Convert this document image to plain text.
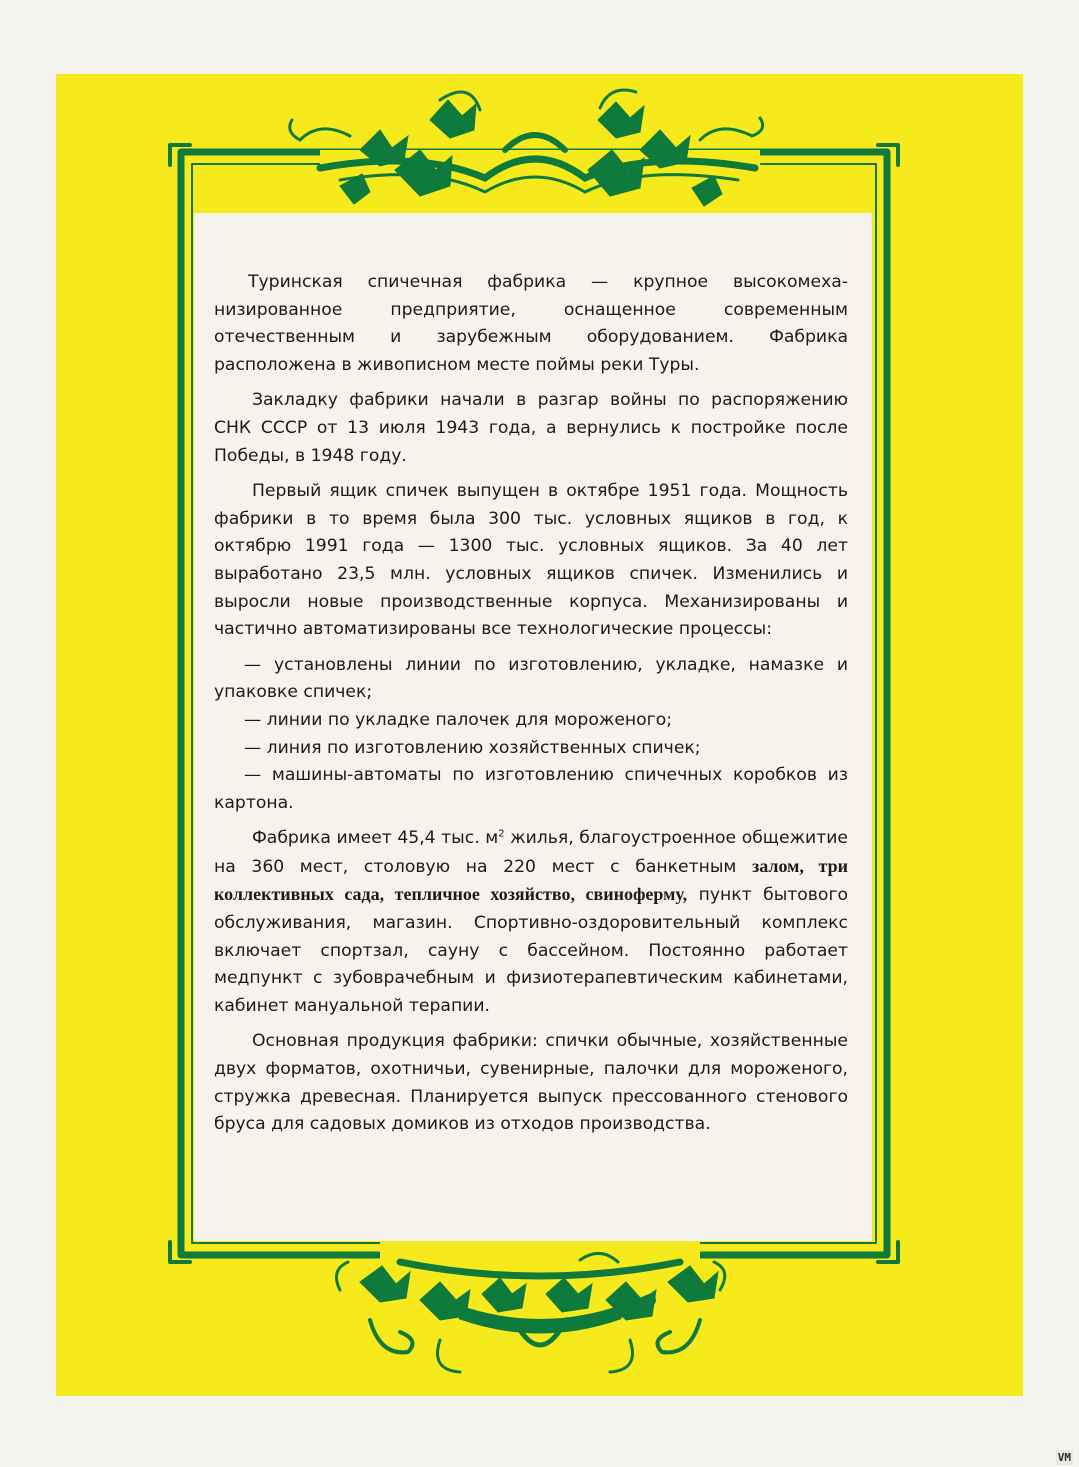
Туринская спичечная фабрика — крупное высокомеханизированное предприятие, оснащенное современным отечественным и зарубежным оборудованием. Фабрика расположена в живописном месте поймы реки Туры.

Закладку фабрики начали в разгар войны по распоряжению СНК СССР от 13 июля 1943 года, а вернулись к постройке после Победы, в 1948 году.

Первый ящик спичек выпущен в октябре 1951 года. Мощность фабрики в то время была 300 тыс. условных ящиков в год, к октябрю 1991 года — 1300 тыс. условных ящиков. За 40 лет выработано 23,5 млн. условных ящиков спичек. Изменились и выросли новые производственные корпуса. Механизированы и частично автоматизированы все технологические процессы:

— установлены линии по изготовлению, укладке, намазке и упаковке спичек;
— линии по укладке палочек для мороженого;
— линия по изготовлению хозяйственных спичек;
— машины-автоматы по изготовлению спичечных коробков из картона.

Фабрика имеет 45,4 тыс. $м^2$ жилья, благоустроенное общежитие на 360 мест, столовую на 220 мест с банкетным залом, три коллективных сада, тепличное хозяйство, свиноферму, пункт бытового обслуживания, магазин. Спортивно-оздоровительный комплекс включает спортзал, сауну с бассейном. Постоянно работает медпункт с зубоврачебным и физиотерапевтическим кабинетами, кабинет мануальной терапии.

Основная продукция фабрики: спички обычные, хозяйственные двух форматов, охотничьи, сувенирные, палочки для мороженого, стружка древесная. Планируется выпуск прессованного стенового бруса для садовых домиков из отходов производства.

VM
